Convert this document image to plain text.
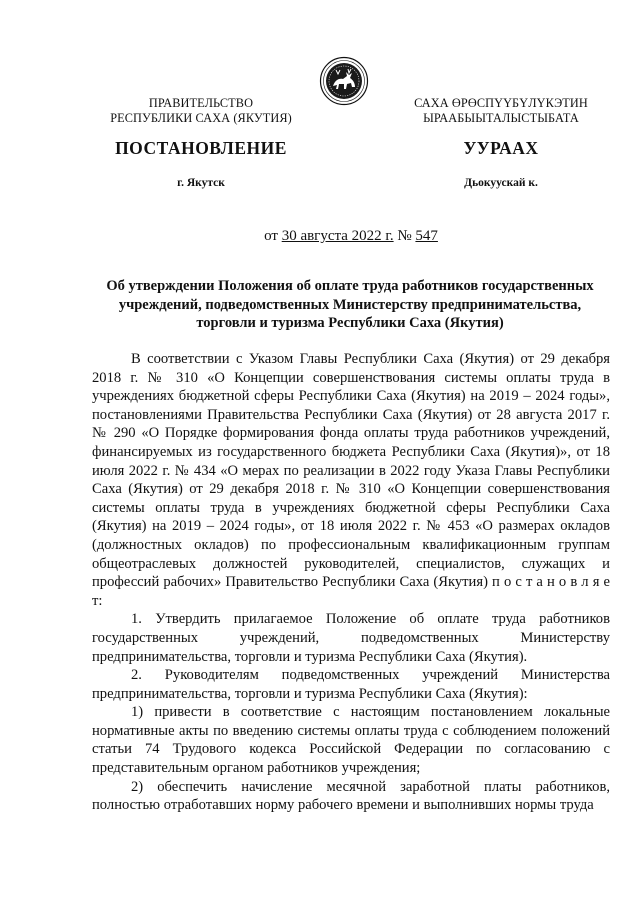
ПРАВИТЕЛЬСТВО
РЕСПУБЛИКИ САХА (ЯКУТИЯ)
САХА ӨРӨСПҮҮБҮЛҮКЭТИН
ЫРААБЫЫТАЛЫСТЫБАТА
ПОСТАНОВЛЕНИЕ	УУРААХ
г. Якутск	Дьокуускай к.
от 30 августа 2022 г. № 547
Об утверждении Положения об оплате труда работников государственных учреждений, подведомственных Министерству предпринимательства, торговли и туризма Республики Саха (Якутия)

В соответствии с Указом Главы Республики Саха (Якутия) от 29 декабря 2018 г. № 310 «О Концепции совершенствования системы оплаты труда в учреждениях бюджетной сферы Республики Саха (Якутия) на 2019 – 2024 годы», постановлениями Правительства Республики Саха (Якутия) от 28 августа 2017 г. № 290 «О Порядке формирования фонда оплаты труда работников учреждений, финансируемых из государственного бюджета Республики Саха (Якутия)», от 18 июля 2022 г. № 434 «О мерах по реализации в 2022 году Указа Главы Республики Саха (Якутия) от 29 декабря 2018 г. № 310 «О Концепции совершенствования системы оплаты труда в учреждениях бюджетной сферы Республики Саха (Якутия) на 2019 – 2024 годы», от 18 июля 2022 г. № 453 «О размерах окладов (должностных окладов) по профессиональным квалификационным группам общеотраслевых должностей руководителей, специалистов, служащих и профессий рабочих» Правительство Республики Саха (Якутия) п о с т а н о в л я е т:

1. Утвердить прилагаемое Положение об оплате труда работников государственных учреждений, подведомственных Министерству предпринимательства, торговли и туризма Республики Саха (Якутия).

2. Руководителям подведомственных учреждений Министерства предпринимательства, торговли и туризма Республики Саха (Якутия):

1) привести в соответствие с настоящим постановлением локальные нормативные акты по введению системы оплаты труда с соблюдением положений статьи 74 Трудового кодекса Российской Федерации по согласованию с представительным органом работников учреждения;

2) обеспечить начисление месячной заработной платы работников, полностью отработавших норму рабочего времени и выполнивших нормы труда
